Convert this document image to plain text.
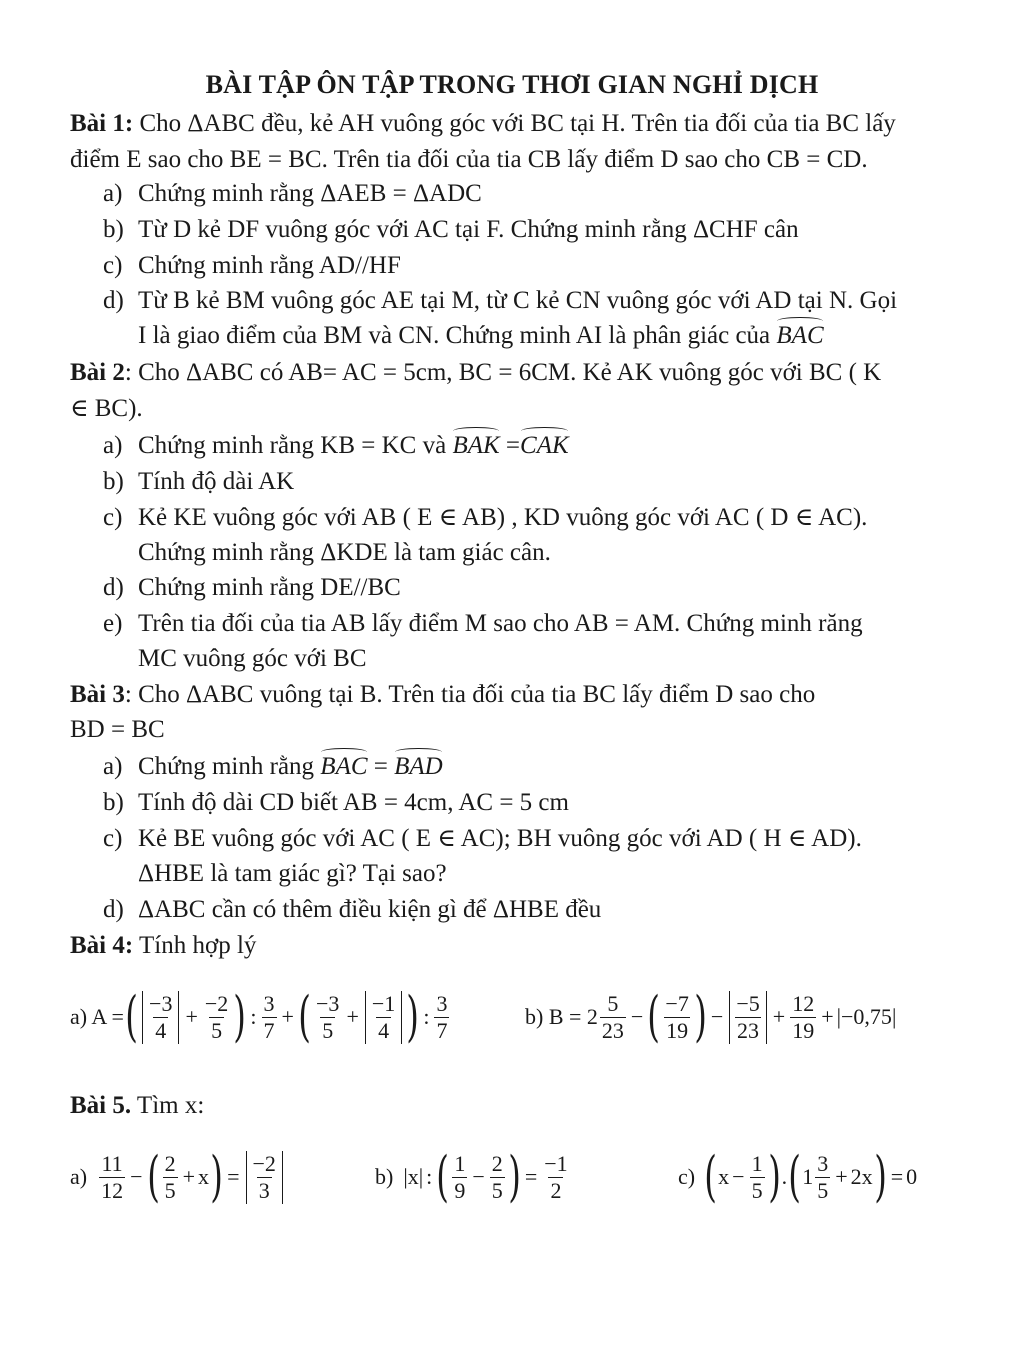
BÀI TẬP ÔN TẬP TRONG THƠI GIAN NGHỈ DỊCH
Bài 1: Cho ΔABC đều, kẻ AH vuông góc với BC tại H. Trên tia đối của tia BC lấy
điểm E sao cho BE = BC. Trên tia đối của tia CB lấy điểm D sao cho CB = CD.
a) Chứng minh rằng ΔAEB = ΔADC
b) Từ D kẻ DF vuông góc với AC tại F. Chứng minh rằng ΔCHF cân
c) Chứng minh rằng AD//HF
d) Từ B kẻ BM vuông góc AE tại M, từ C kẻ CN vuông góc với AD tại N. Gọi
I là giao điểm của BM và CN. Chứng minh AI là phân giác của BAC
Bài 2: Cho ΔABC có AB= AC = 5cm, BC = 6CM. Kẻ AK vuông góc với BC ( K
∈ BC).
a) Chứng minh rằng KB = KC và BAK =CAK
b) Tính độ dài AK
c) Kẻ KE vuông góc với AB ( E ∈ AB) , KD vuông góc với AC ( D ∈ AC).
Chứng minh rằng ΔKDE là tam giác cân.
d) Chứng minh rằng DE//BC
e) Trên tia đối của tia AB lấy điểm M sao cho AB = AM. Chứng minh răng
MC vuông góc với BC
Bài 3: Cho ΔABC vuông tại B. Trên tia đối của tia BC lấy điểm D sao cho
BD = BC
a) Chứng minh rằng BAC = BAD
b) Tính độ dài CD biết AB = 4cm, AC = 5 cm
c) Kẻ BE vuông góc với AC ( E ∈ AC); BH vuông góc với AD ( H ∈ AD).
ΔHBE là tam giác gì? Tại sao?
d) ΔABC cần có thêm điều kiện gì để ΔHBE đều
Bài 4: Tính hợp lý
a) A = ( $\frac{-3}{4} + \frac{-2}{5}$ ) : $\frac{3}{7}$ + ( $\frac{-3}{5} + \frac{-1}{4}$ ) : $\frac{3}{7}$	b) $B = 2 \frac{5}{23}$ − ( $\frac{-7}{19}$ ) − $\frac{-5}{23} + \frac{12}{19}$ + | −0,75 |
Bài 5. Tìm x:
$a) \frac{11}{12}$ − ( $\frac{2}{5} + x$ ) = $\frac{-2}{3}$	b) |x| : ( $\frac{1}{9} - \frac{2}{5}$ ) = $\frac{-1}{2}$	c) ( $x - \frac{1}{5}$ ) . ( $1 \frac{3}{5} + 2x$ ) = 0
